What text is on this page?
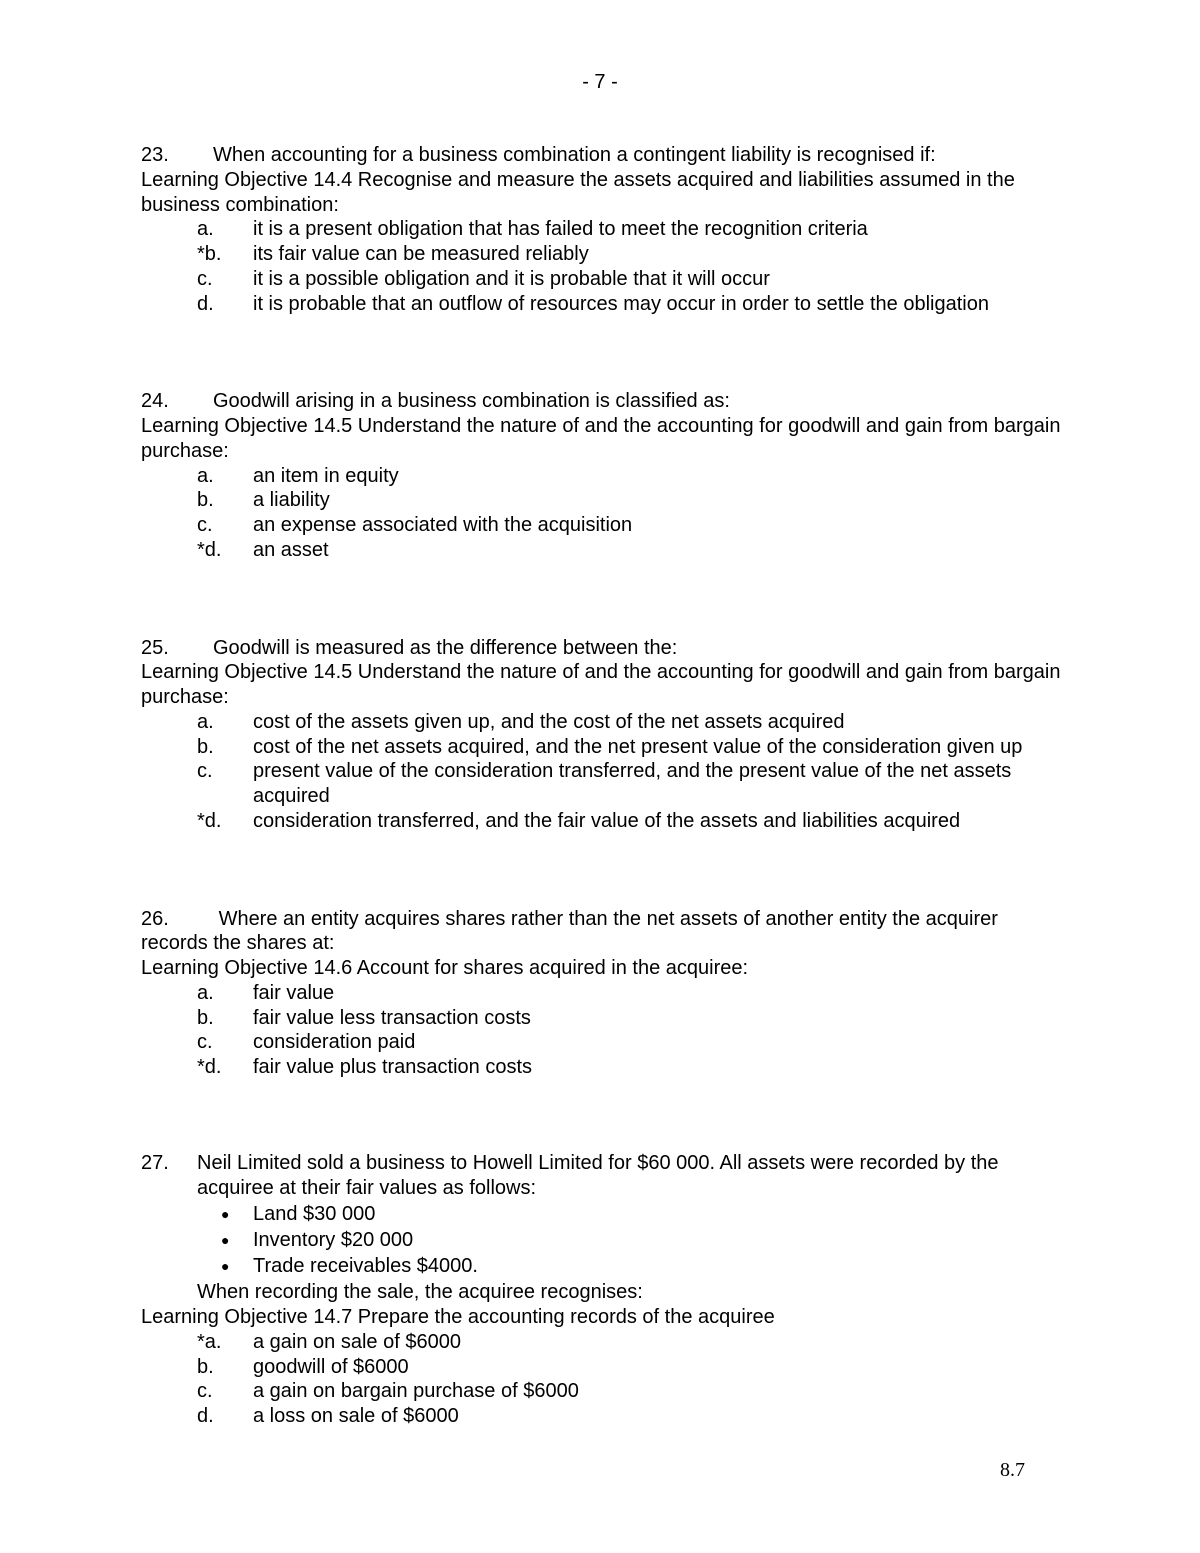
- 7 -
23.	When accounting for a business combination a contingent liability is recognised if:
Learning Objective 14.4 Recognise and measure the assets acquired and liabilities assumed in the business combination:
a.	it is a present obligation that has failed to meet the recognition criteria
*b.	its fair value can be measured reliably
c.	it is a possible obligation and it is probable that it will occur
d.	it is probable that an outflow of resources may occur in order to settle the obligation
24.	Goodwill arising in a business combination is classified as:
Learning Objective 14.5 Understand the nature of and the accounting for goodwill and gain from bargain purchase:
a.	an item in equity
b.	a liability
c.	an expense associated with the acquisition
*d.	an asset
25.	Goodwill is measured as the difference between the:
Learning Objective 14.5 Understand the nature of and the accounting for goodwill and gain from bargain purchase:
a.	cost of the assets given up, and the cost of the net assets acquired
b.	cost of the net assets acquired, and the net present value of the consideration given up
c.	present value of the consideration transferred, and the present value of the net assets acquired
*d.	consideration transferred, and the fair value of the assets and liabilities acquired
26. Where an entity acquires shares rather than the net assets of another entity the acquirer records the shares at:
Learning Objective 14.6 Account for shares acquired in the acquiree:
a.	fair value
b.	fair value less transaction costs
c.	consideration paid
*d.	fair value plus transaction costs
27.	Neil Limited sold a business to Howell Limited for $60 000. All assets were recorded by the acquiree at their fair values as follows:
●	Land $30 000
●	Inventory $20 000
●	Trade receivables $4000.
When recording the sale, the acquiree recognises:
Learning Objective 14.7 Prepare the accounting records of the acquiree
*a.	a gain on sale of $6000
b.	goodwill of $6000
c.	a gain on bargain purchase of $6000
d.	a loss on sale of $6000
8.7
